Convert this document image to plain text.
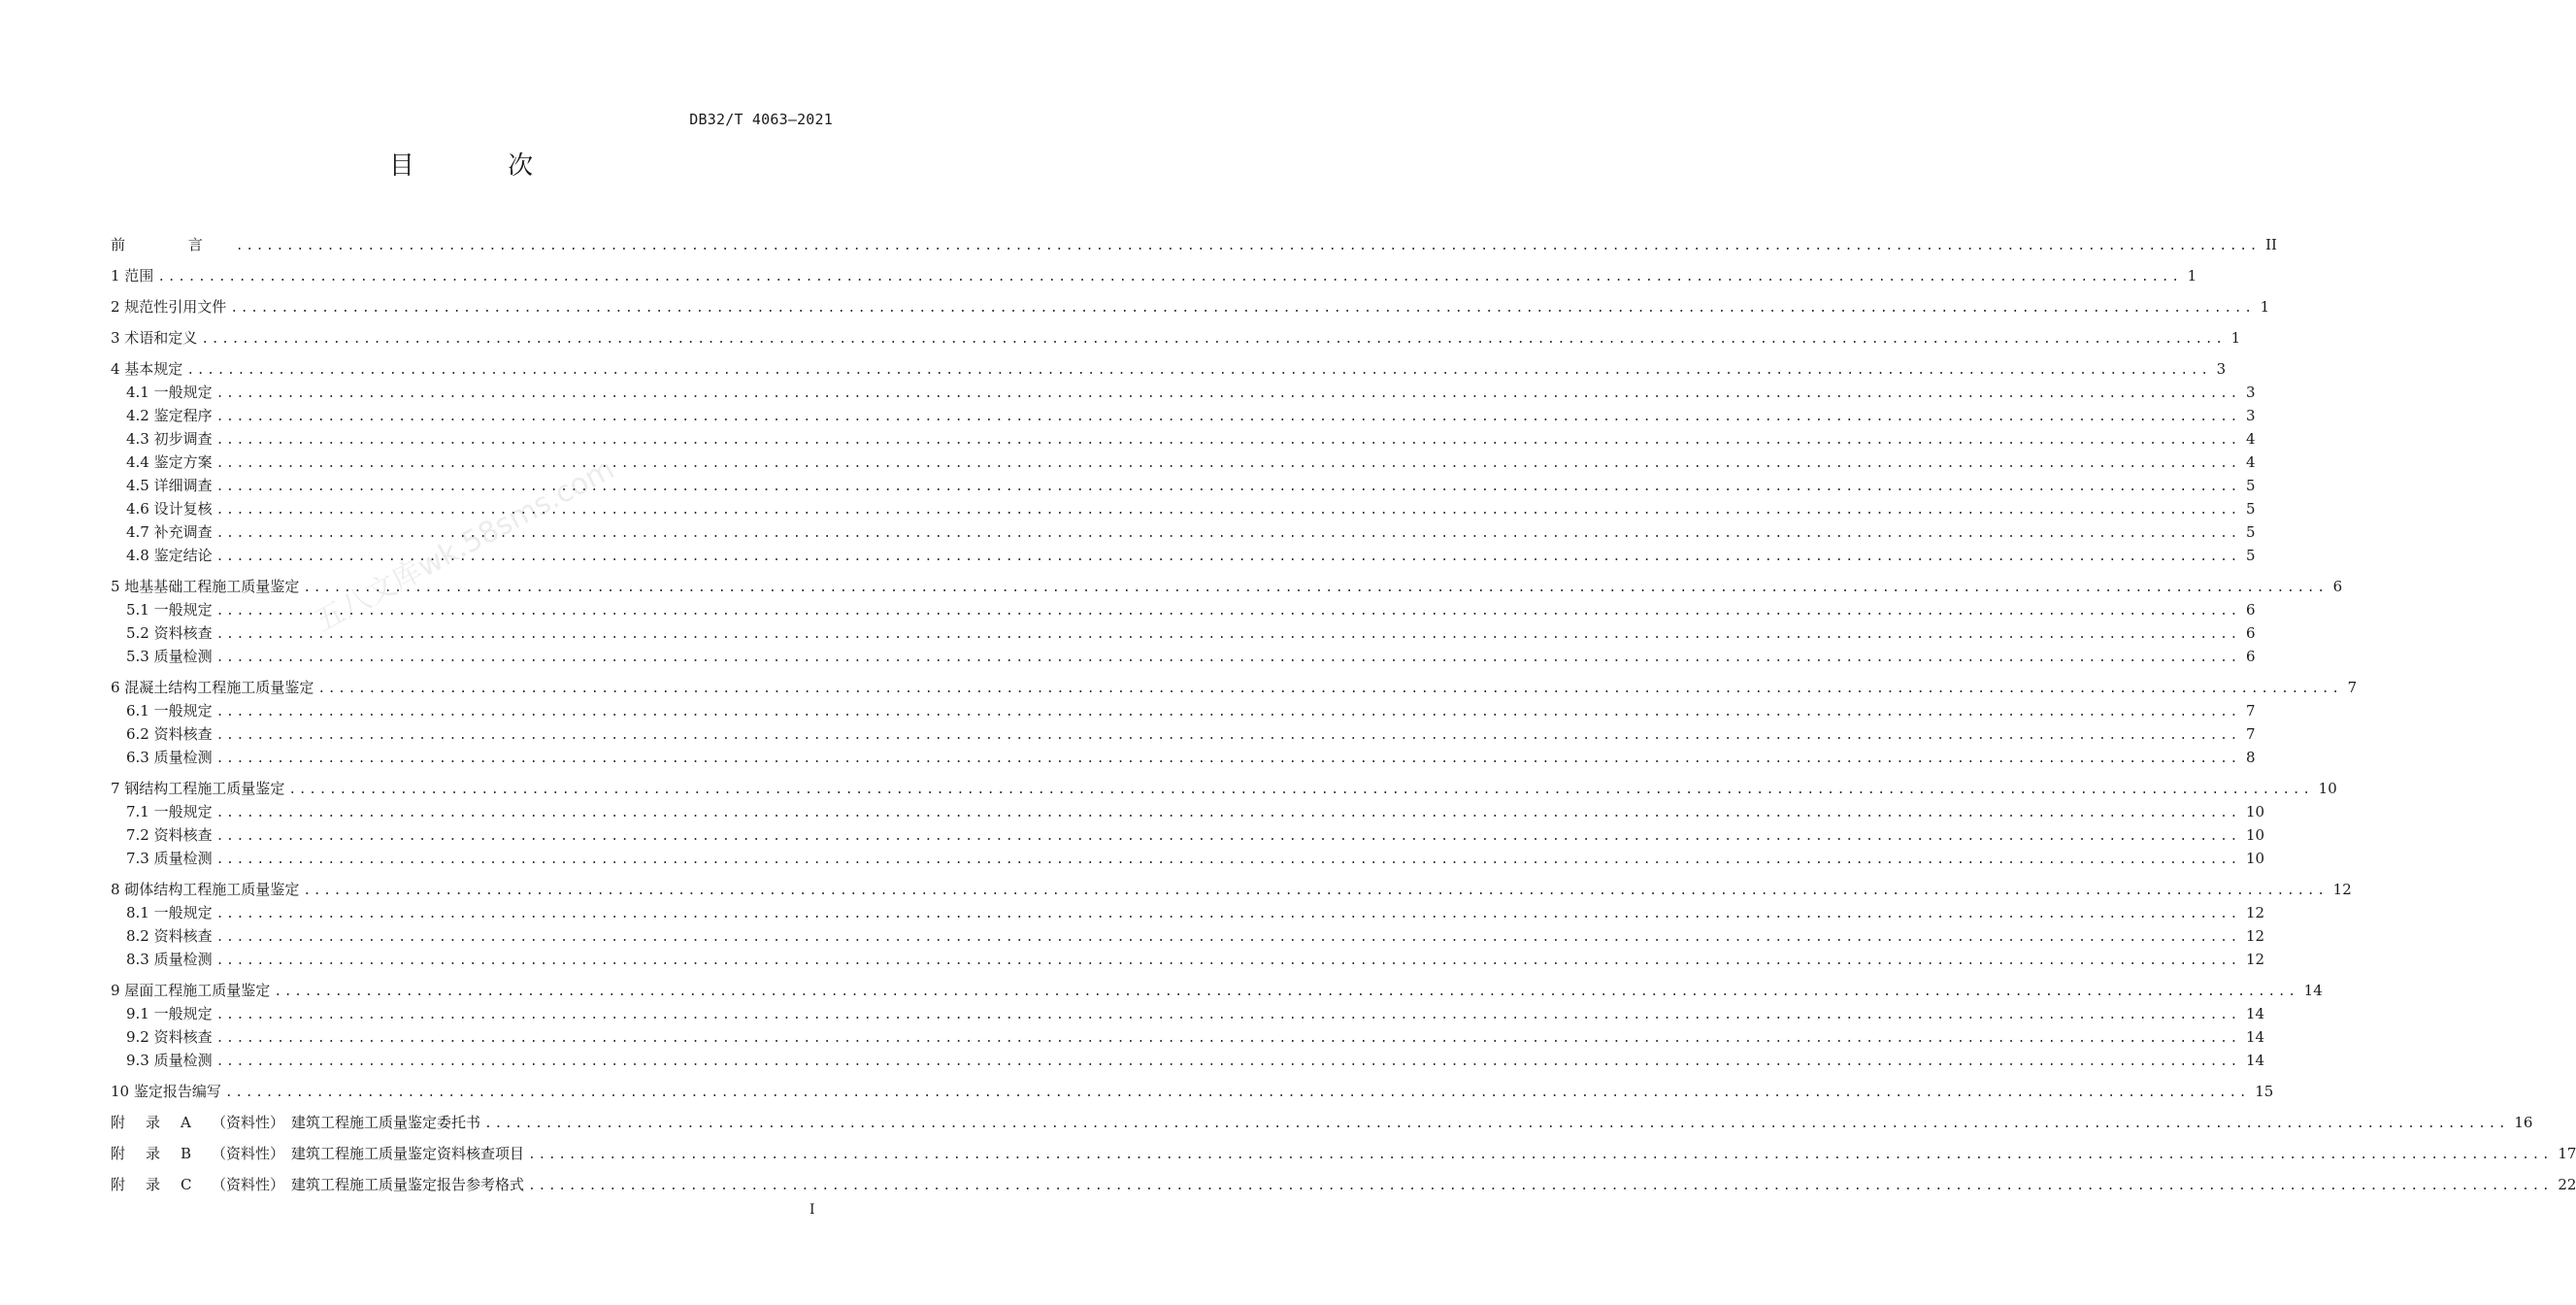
DB32/T 4063—2021
目 次
五八文库wk.58sms.com
前 言 ........................................................................................................................................................................................................ II
1 范围 ........................................................................................................................................................................................................ 1
2 规范性引用文件 ........................................................................................................................................................................................................ 1
3 术语和定义 ........................................................................................................................................................................................................ 1
4 基本规定 ........................................................................................................................................................................................................ 3
4.1 一般规定 ........................................................................................................................................................................................................ 3
4.2 鉴定程序 ........................................................................................................................................................................................................ 3
4.3 初步调查 ........................................................................................................................................................................................................ 4
4.4 鉴定方案 ........................................................................................................................................................................................................ 4
4.5 详细调查 ........................................................................................................................................................................................................ 5
4.6 设计复核 ........................................................................................................................................................................................................ 5
4.7 补充调查 ........................................................................................................................................................................................................ 5
4.8 鉴定结论 ........................................................................................................................................................................................................ 5
5 地基基础工程施工质量鉴定 ........................................................................................................................................................................................................ 6
5.1 一般规定 ........................................................................................................................................................................................................ 6
5.2 资料核查 ........................................................................................................................................................................................................ 6
5.3 质量检测 ........................................................................................................................................................................................................ 6
6 混凝土结构工程施工质量鉴定 ........................................................................................................................................................................................................ 7
6.1 一般规定 ........................................................................................................................................................................................................ 7
6.2 资料核查 ........................................................................................................................................................................................................ 7
6.3 质量检测 ........................................................................................................................................................................................................ 8
7 钢结构工程施工质量鉴定 ........................................................................................................................................................................................................ 10
7.1 一般规定 ........................................................................................................................................................................................................ 10
7.2 资料核查 ........................................................................................................................................................................................................ 10
7.3 质量检测 ........................................................................................................................................................................................................ 10
8 砌体结构工程施工质量鉴定 ........................................................................................................................................................................................................ 12
8.1 一般规定 ........................................................................................................................................................................................................ 12
8.2 资料核查 ........................................................................................................................................................................................................ 12
8.3 质量检测 ........................................................................................................................................................................................................ 12
9 屋面工程施工质量鉴定 ........................................................................................................................................................................................................ 14
9.1 一般规定 ........................................................................................................................................................................................................ 14
9.2 资料核查 ........................................................................................................................................................................................................ 14
9.3 质量检测 ........................................................................................................................................................................................................ 14
10 鉴定报告编写 ........................................................................................................................................................................................................ 15
附 录 A （资料性） 建筑工程施工质量鉴定委托书 ........................................................................................................................................................................................................ 16
附 录 B （资料性） 建筑工程施工质量鉴定资料核查项目 ........................................................................................................................................................................................................ 17
附 录 C （资料性） 建筑工程施工质量鉴定报告参考格式 ........................................................................................................................................................................................................ 22
I
